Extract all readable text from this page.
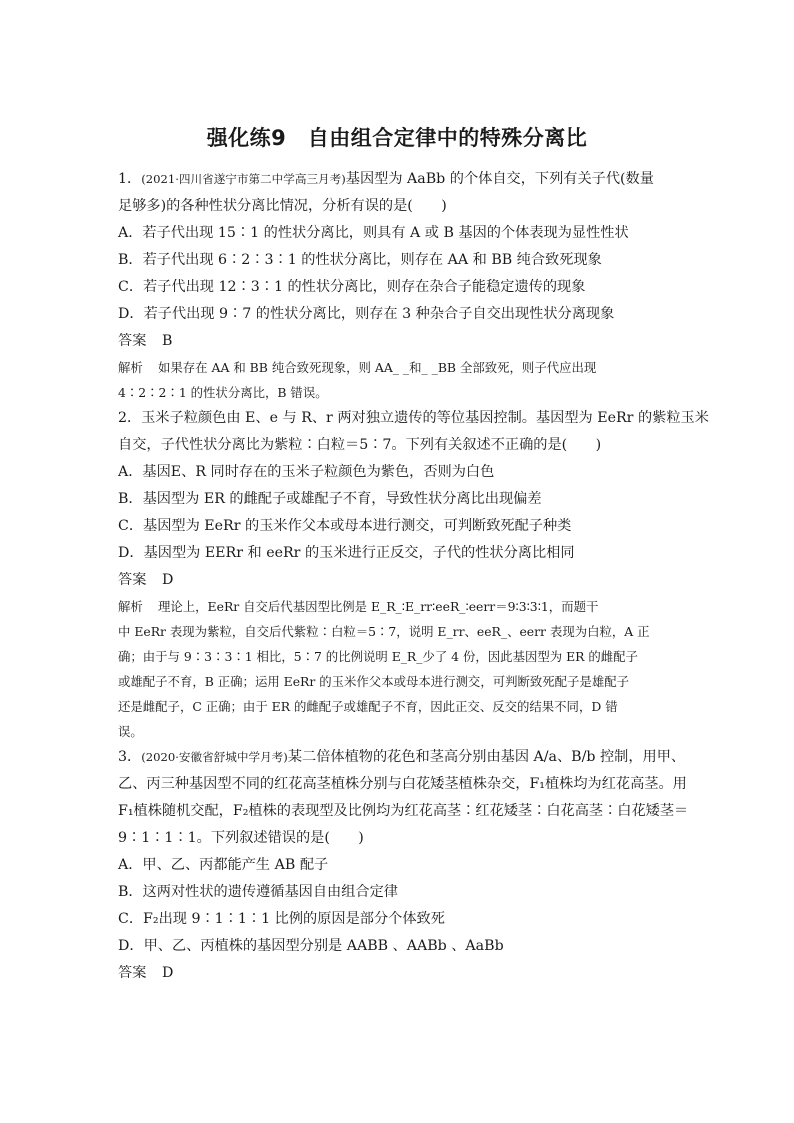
强化练9　自由组合定律中的特殊分离比
1．(2021·四川省遂宁市第二中学高三月考)基因型为 AaBb 的个体自交，下列有关子代(数量
足够多)的各种性状分离比情况，分析有误的是(　　)
A．若子代出现 15∶1 的性状分离比，则具有 A 或 B 基因的个体表现为显性性状
B．若子代出现 6∶2∶3∶1 的性状分离比，则存在 AA 和 BB 纯合致死现象
C．若子代出现 12∶3∶1 的性状分离比，则存在杂合子能稳定遗传的现象
D．若子代出现 9∶7 的性状分离比，则存在 3 种杂合子自交出现性状分离现象
答案 B
解析 如果存在 AA 和 BB 纯合致死现象，则 AA_ _和_ _BB 全部致死，则子代应出现
4∶2∶2∶1 的性状分离比，B 错误。
2．玉米子粒颜色由 E、e 与 R、r 两对独立遗传的等位基因控制。基因型为 EeRr 的紫粒玉米
自交，子代性状分离比为紫粒∶白粒＝5∶7。下列有关叙述不正确的是(　　)
A．基因E、R 同时存在的玉米子粒颜色为紫色，否则为白色
B．基因型为 ER 的雌配子或雄配子不育，导致性状分离比出现偏差
C．基因型为 EeRr 的玉米作父本或母本进行测交，可判断致死配子种类
D．基因型为 EERr 和 eeRr 的玉米进行正反交，子代的性状分离比相同
答案 D
解析 理论上，EeRr 自交后代基因型比例是 E_R_∶E_rr∶eeR_∶eerr＝9∶3∶3∶1，而题干
中 EeRr 表现为紫粒，自交后代紫粒∶白粒＝5∶7，说明 E_rr、eeR_、eerr 表现为白粒，A 正
确；由于与 9∶3∶3∶1 相比，5∶7 的比例说明 E_R_少了 4 份，因此基因型为 ER 的雌配子
或雄配子不育，B 正确；运用 EeRr 的玉米作父本或母本进行测交，可判断致死配子是雄配子
还是雌配子，C 正确；由于 ER 的雌配子或雄配子不育，因此正交、反交的结果不同，D 错
误。
3．(2020·安徽省舒城中学月考)某二倍体植物的花色和茎高分别由基因 A/a、B/b 控制，用甲、
乙、丙三种基因型不同的红花高茎植株分别与白花矮茎植株杂交，F₁植株均为红花高茎。用
F₁植株随机交配，F₂植株的表现型及比例均为红花高茎∶红花矮茎∶白花高茎∶白花矮茎＝
9∶1∶1∶1。下列叙述错误的是(　　)
A．甲、乙、丙都能产生 AB 配子
B．这两对性状的遗传遵循基因自由组合定律
C．F₂出现 9∶1∶1∶1 比例的原因是部分个体致死
D．甲、乙、丙植株的基因型分别是 AABB 、AABb 、AaBb
答案 D
